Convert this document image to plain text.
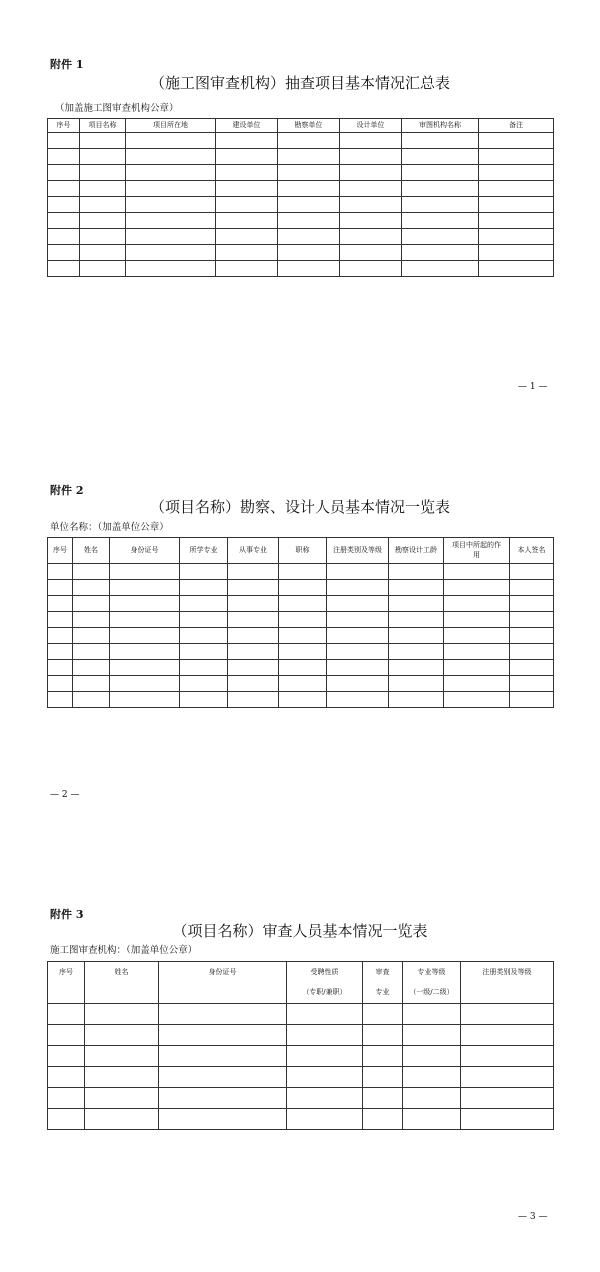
附件 1
（施工图审查机构）抽查项目基本情况汇总表
（加盖施工图审查机构公章）
序号	项目名称	项目所在地	建设单位	勘察单位	设计单位	审图机构名称	备注

— 1 —
附件 2
（项目名称）勘察、设计人员基本情况一览表
单位名称：（加盖单位公章）
序号	姓名	身份证号	所学专业	从事专业	职称	注册类别及等级	勘察设计工龄	项目中所起的作用	本人签名

— 2 —
附件 3
（项目名称）审查人员基本情况一览表
施工图审查机构：（加盖单位公章）
序号	姓名	身份证号	受聘性质	审查	专业等级	注册类别及等级
			（专职/兼职）	专业	（一级/二级）	

— 3 —
